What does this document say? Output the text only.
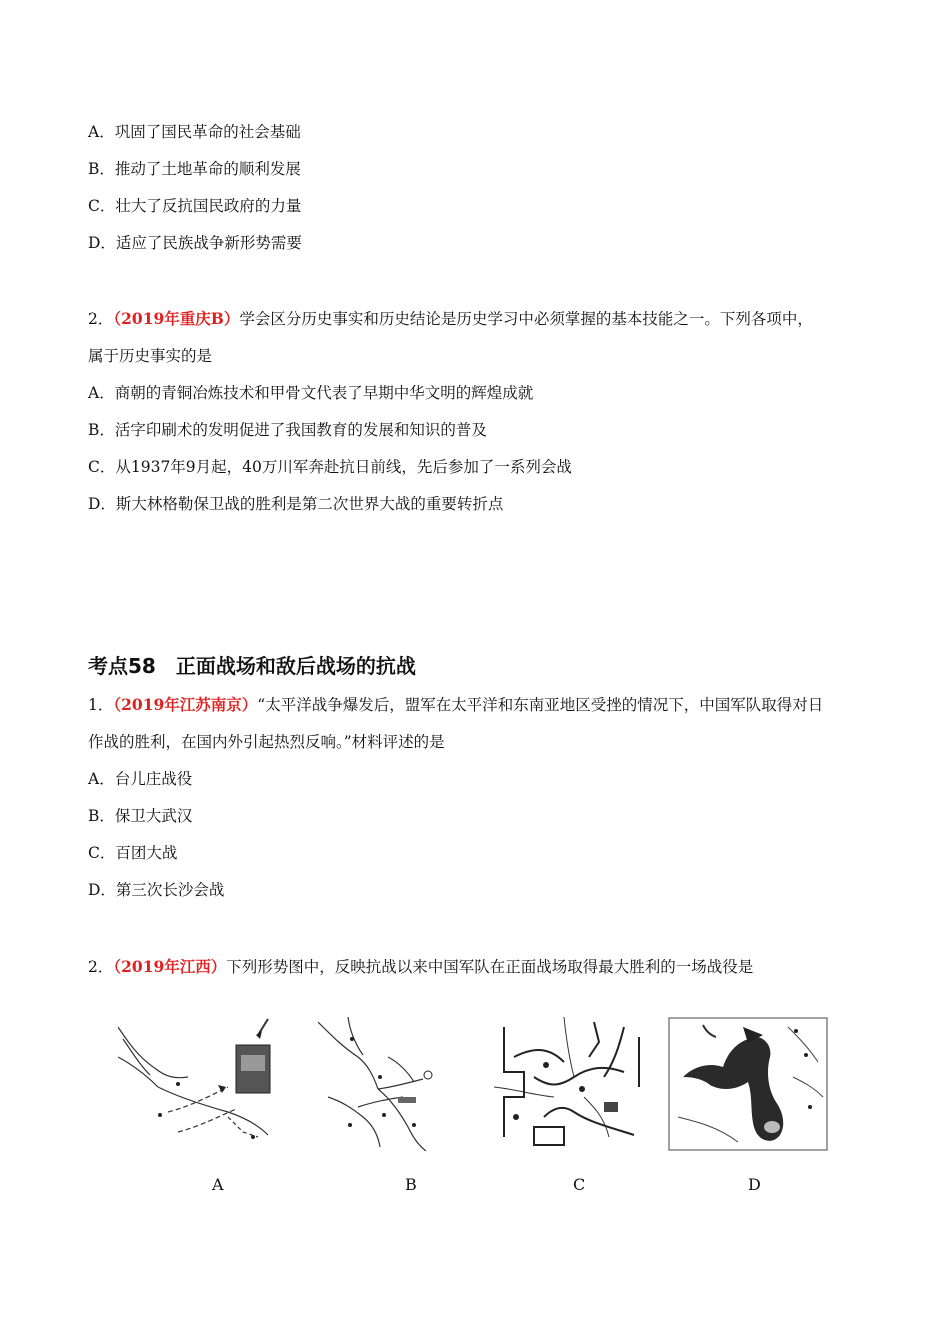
A．巩固了国民革命的社会基础
B．推动了土地革命的顺利发展
C．壮大了反抗国民政府的力量
D．适应了民族战争新形势需要
2．（2019年重庆B）学会区分历史事实和历史结论是历史学习中必须掌握的基本技能之一。下列各项中，
属于历史事实的是
A．商朝的青铜冶炼技术和甲骨文代表了早期中华文明的辉煌成就
B．活字印刷术的发明促进了我国教育的发展和知识的普及
C．从1937年9月起，40万川军奔赴抗日前线，先后参加了一系列会战
D．斯大林格勒保卫战的胜利是第二次世界大战的重要转折点
考点58 正面战场和敌后战场的抗战
1．（2019年江苏南京）“太平洋战争爆发后，盟军在太平洋和东南亚地区受挫的情况下，中国军队取得对日
作战的胜利，在国内外引起热烈反响。”材料评述的是
A．台儿庄战役
B．保卫大武汉
C．百团大战
D．第三次长沙会战
2．（2019年江西）下列形势图中，反映抗战以来中国军队在正面战场取得最大胜利的一场战役是
A	B	C	D
